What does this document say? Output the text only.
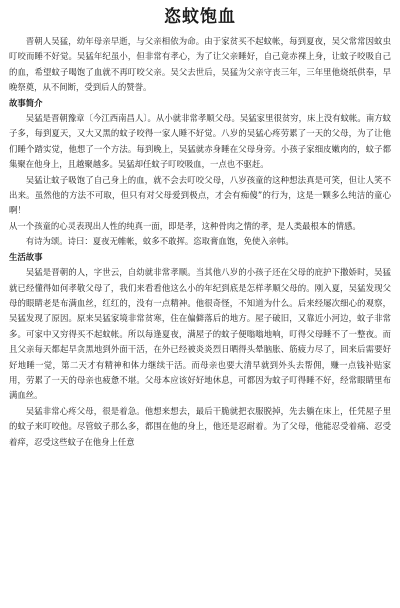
恣蚊饱血

晋朝人吴猛，幼年母亲早逝，与父亲相依为命。由于家贫买不起蚊帐，每到夏夜，吴父常常因蚊虫叮咬而睡不好觉。吴猛年纪虽小，但非常有孝心，为了让父亲睡好，自己竟赤裸上身，让蚊子咬吸自己的血，希望蚊子喝饱了血就不再叮咬父亲。吴父去世后，吴猛为父亲守丧三年，三年里他烧纸供奉，早晚祭奠，从不间断，受到后人的赞誉。

故事简介

吴猛是晋朝豫章〔今江西南昌人〕。从小就非常孝顺父母。吴猛家里很贫穷，床上没有蚊帐。南方蚊子多，每到夏天，又大又黑的蚊子咬得一家人睡不好觉。八岁的吴猛心疼劳累了一天的父母，为了让他们睡个踏实觉，他想了一个方法。每到晚上，吴猛就赤身睡在父母身旁。小孩子家细皮嫩肉的，蚊子都集聚在他身上，且越聚越多。吴猛却任蚊子叮咬吸血，一点也不驱赶。

吴猛让蚊子吸饱了自己身上的血，就不会去叮咬父母，八岁孩童的这种想法真是可笑，但让人笑不出来。虽然他的方法不可取，但只有对父母爱到极点，才会有痴傻”的行为，这是一颗多么纯洁的童心啊！

从一个孩童的心灵表现出人性的纯真一面，即是孝，这种骨肉之情的孝，是人类最根本的情感。

有诗为颂。诗曰：夏夜无帷帐，蚊多不敢挥。恣取膏血饱，免使入亲帏。

生活故事

吴猛是晋朝的人，字世云，自幼就非常孝顺。当其他八岁的小孩子还在父母的庇护下撒娇时，吴猛就已经懂得如何孝敬父母了，我们来看看他这么小的年纪到底是怎样孝顺父母的。刚入夏，吴猛发现父母的眼睛老是布满血丝，红红的，没有一点精神。他很奇怪，不知道为什么。后来经屡次细心的观察，吴猛发现了原因。原来吴猛家境非常贫寒，住在偏僻落后的地方。屋子破旧，又靠近小河边，蚊子非常多。可家中又穷得买不起蚊帐。所以每逢夏夜，满屋子的蚊子便嗡嗡地响，叮得父母睡不了一整夜。而且父亲每天都起早贪黑地到外面干活，在外已经被炎炎烈日晒得头晕脑胀、筋疲力尽了，回来后需要好好地睡一觉，第二天才有精神和体力继续干活。而母亲也要大清早就到外头去帮佣，赚一点钱补贴家用，劳累了一天的母亲也疲惫不堪。父母本应该好好地休息，可都因为蚊子叮得睡不好，经常眼睛里布满血丝。

吴猛非常心疼父母，很是着急。他想来想去，最后干脆就把衣服脱掉，先去躺在床上，任凭屋子里的蚊子来叮咬他。尽管蚊子那么多，都围在他的身上，他还是忍耐着。为了父母，他能忍受着痛、忍受着痒，忍受这些蚊子在他身上任意
